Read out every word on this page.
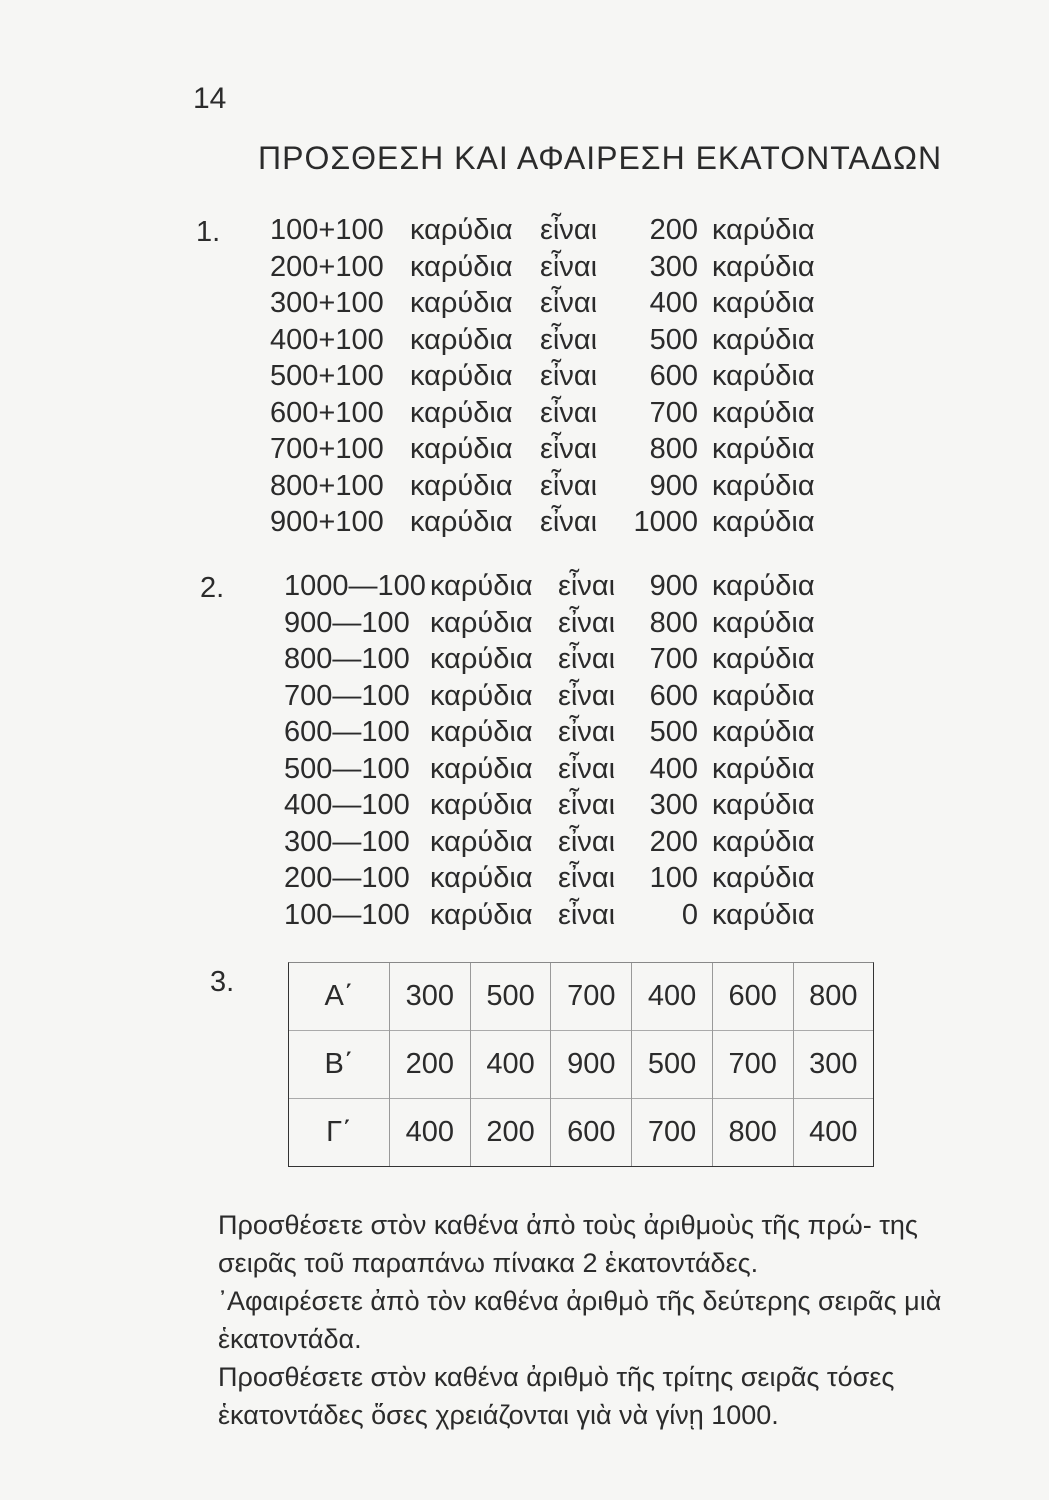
14
ΠΡΟΣΘΕΣΗ ΚΑΙ ΑΦΑΙΡΕΣΗ ΕΚΑΤΟΝΤΑΔΩΝ
1. 100+100 καρύδια εἶναι	200 καρύδια
200+100 καρύδια εἶναι	300 καρύδια
300+100 καρύδια εἶναι	400 καρύδια
400+100 καρύδια εἶναι	500 καρύδια
500+100 καρύδια εἶναι	600 καρύδια
600+100 καρύδια εἶναι	700 καρύδια
700+100 καρύδια εἶναι	800 καρύδια
800+100 καρύδια εἶναι	900 καρύδια
900+100 καρύδια εἶναι	1000 καρύδια
2. 1000—100 καρύδια εἶναι	900 καρύδια
900—100 καρύδια εἶναι	800 καρύδια
800—100 καρύδια εἶναι	700 καρύδια
700—100 καρύδια εἶναι	600 καρύδια
600—100 καρύδια εἶναι	500 καρύδια
500—100 καρύδια εἶναι	400 καρύδια
400—100 καρύδια εἶναι	300 καρύδια
300—100 καρύδια εἶναι	200 καρύδια
200—100 καρύδια εἶναι	100 καρύδια
100—100 καρύδια εἶναι	0 καρύδια
3.	Α΄	300	500	700	400	600	800
Β΄	200	400	900	500	700	300
Γ΄	400	200	600	700	800	400

Προσθέσετε στὸν καθένα ἀπὸ τοὺς ἀριθμοὺς τῆς πρώ- της σειρᾶς τοῦ παραπάνω πίνακα 2 ἑκατοντάδες.

᾿Αφαιρέσετε ἀπὸ τὸν καθένα ἀριθμὸ τῆς δεύτερης σειρᾶς μιὰ ἑκατοντάδα.

Προσθέσετε στὸν καθένα ἀριθμὸ τῆς τρίτης σειρᾶς τόσες ἑκατοντάδες ὅσες χρειάζονται γιὰ νὰ γίνῃ 1000.
